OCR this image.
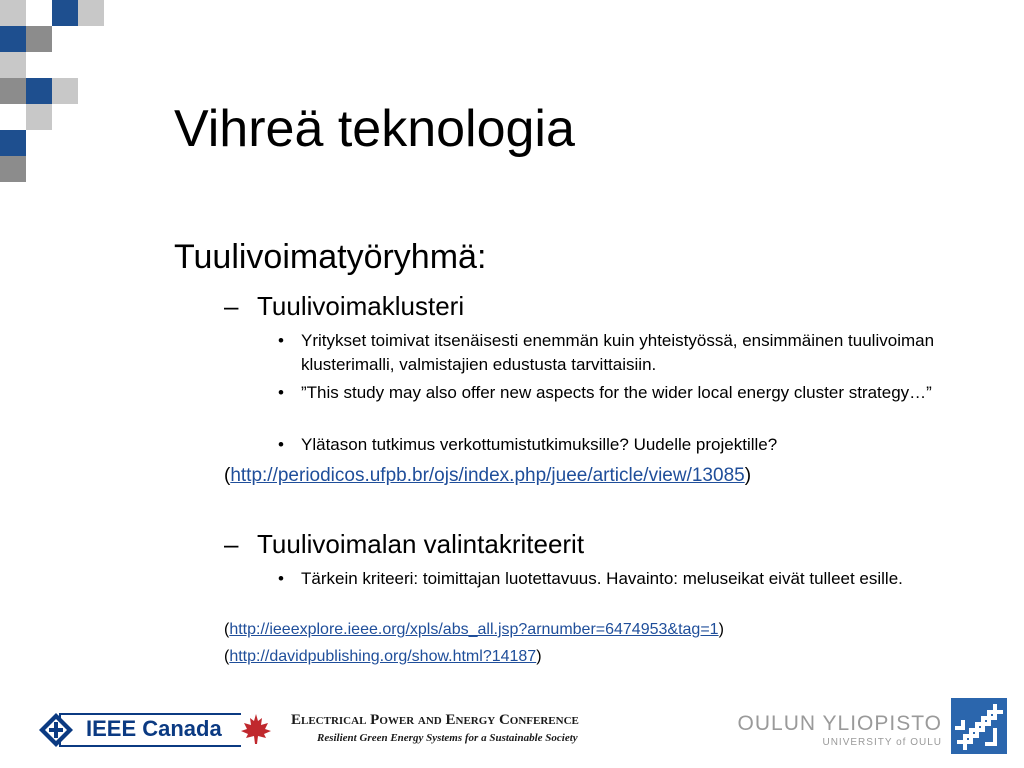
Vihreä teknologia
Tuulivoimatyöryhmä:
– Tuulivoimaklusteri
• Yritykset toimivat itsenäisesti enemmän kuin yhteistyössä, ensimmäinen tuulivoiman klusterimalli, valmistajien edustusta tarvittaisiin.
• ”This study may also offer new aspects for the wider local energy cluster strategy…”
• Ylätason tutkimus verkottumistutkimuksille? Uudelle projektille?
(http://periodicos.ufpb.br/ojs/index.php/juee/article/view/13085)
– Tuulivoimalan valintakriteerit
• Tärkein kriteeri: toimittajan luotettavuus. Havainto: meluseikat eivät tulleet esille.
(http://ieeexplore.ieee.org/xpls/abs_all.jsp?arnumber=6474953&tag=1)
(http://davidpublishing.org/show.html?14187)
IEEE Canada	Electrical Power and Energy Conference
Resilient Green Energy Systems for a Sustainable Society
OULUN YLIOPISTO
UNIVERSITY of OULU
